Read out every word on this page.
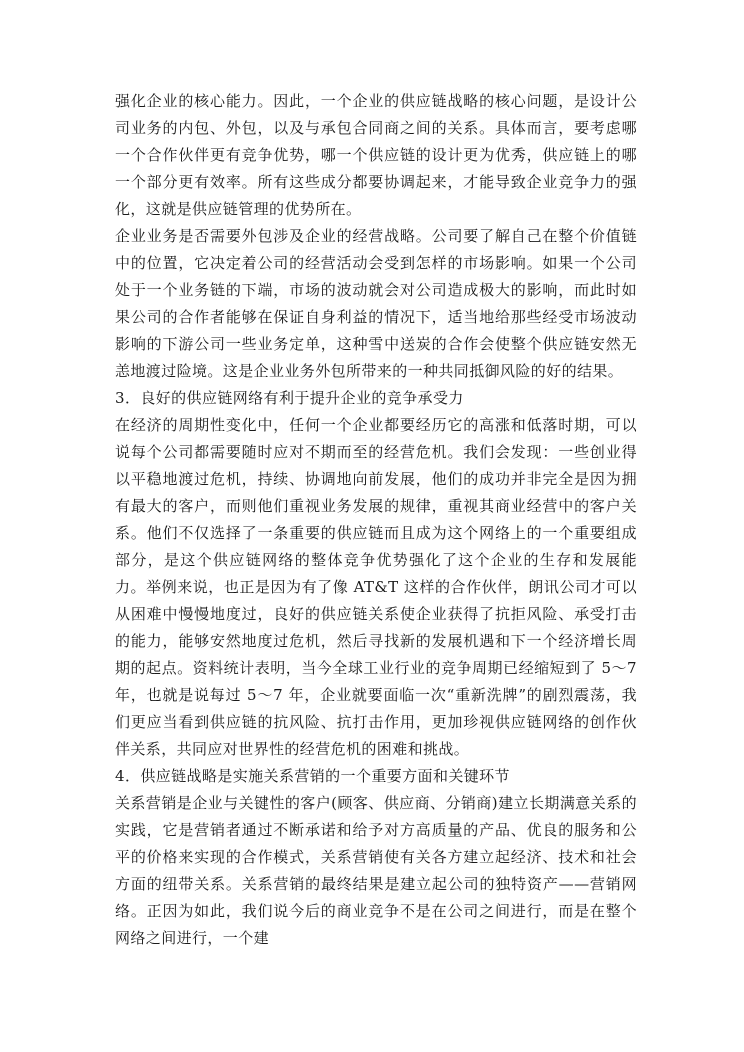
强化企业的核心能力。因此，一个企业的供应链战略的核心问题，是设计公司业务的内包、外包，以及与承包合同商之间的关系。具体而言，要考虑哪一个合作伙伴更有竞争优势，哪一个供应链的设计更为优秀，供应链上的哪一个部分更有效率。所有这些成分都要协调起来，才能导致企业竞争力的强化，这就是供应链管理的优势所在。

企业业务是否需要外包涉及企业的经营战略。公司要了解自己在整个价值链中的位置，它决定着公司的经营活动会受到怎样的市场影响。如果一个公司处于一个业务链的下端，市场的波动就会对公司造成极大的影响，而此时如果公司的合作者能够在保证自身利益的情况下，适当地给那些经受市场波动影响的下游公司一些业务定单，这种雪中送炭的合作会使整个供应链安然无恙地渡过险境。这是企业业务外包所带来的一种共同抵御风险的好的结果。

3．良好的供应链网络有利于提升企业的竞争承受力

在经济的周期性变化中，任何一个企业都要经历它的高涨和低落时期，可以说每个公司都需要随时应对不期而至的经营危机。我们会发现：一些创业得以平稳地渡过危机，持续、协调地向前发展，他们的成功并非完全是因为拥有最大的客户，而则他们重视业务发展的规律，重视其商业经营中的客户关系。他们不仅选择了一条重要的供应链而且成为这个网络上的一个重要组成部分，是这个供应链网络的整体竞争优势强化了这个企业的生存和发展能力。举例来说，也正是因为有了像 AT&T 这样的合作伙伴，朗讯公司才可以从困难中慢慢地度过，良好的供应链关系使企业获得了抗拒风险、承受打击的能力，能够安然地度过危机，然后寻找新的发展机遇和下一个经济增长周期的起点。资料统计表明，当今全球工业行业的竞争周期已经缩短到了 5～7 年，也就是说每过 5～7 年，企业就要面临一次“重新洗牌”的剧烈震荡，我们更应当看到供应链的抗风险、抗打击作用，更加珍视供应链网络的创作伙伴关系，共同应对世界性的经营危机的困难和挑战。

4．供应链战略是实施关系营销的一个重要方面和关键环节

关系营销是企业与关键性的客户(顾客、供应商、分销商)建立长期满意关系的实践，它是营销者通过不断承诺和给予对方高质量的产品、优良的服务和公平的价格来实现的合作模式，关系营销使有关各方建立起经济、技术和社会方面的纽带关系。关系营销的最终结果是建立起公司的独特资产——营销网络。正因为如此，我们说今后的商业竞争不是在公司之间进行，而是在整个网络之间进行，一个建
